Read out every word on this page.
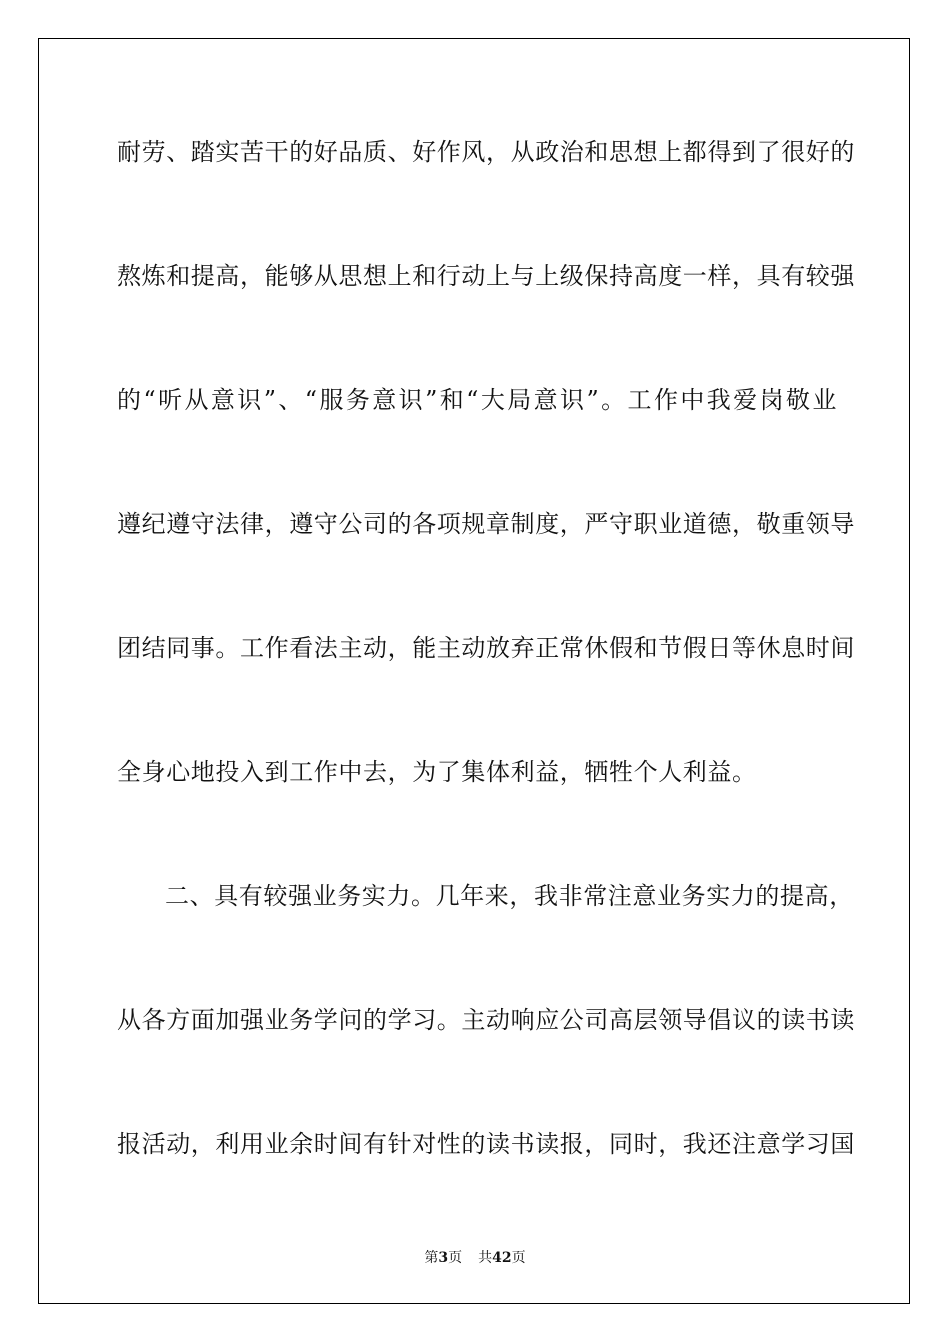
耐劳、踏实苦干的好品质、好作风，从政治和思想上都得到了很好的
熬炼和提高，能够从思想上和行动上与上级保持高度一样，具有较强
的“听从意识”、“服务意识”和“大局意识”。工作中我爱岗敬业
遵纪遵守法律，遵守公司的各项规章制度，严守职业道德，敬重领导
团结同事。工作看法主动，能主动放弃正常休假和节假日等休息时间
全身心地投入到工作中去，为了集体利益，牺牲个人利益。
二、具有较强业务实力。几年来，我非常注意业务实力的提高，
从各方面加强业务学问的学习。主动响应公司高层领导倡议的读书读
报活动，利用业余时间有针对性的读书读报，同时，我还注意学习国
第3页 共42页
